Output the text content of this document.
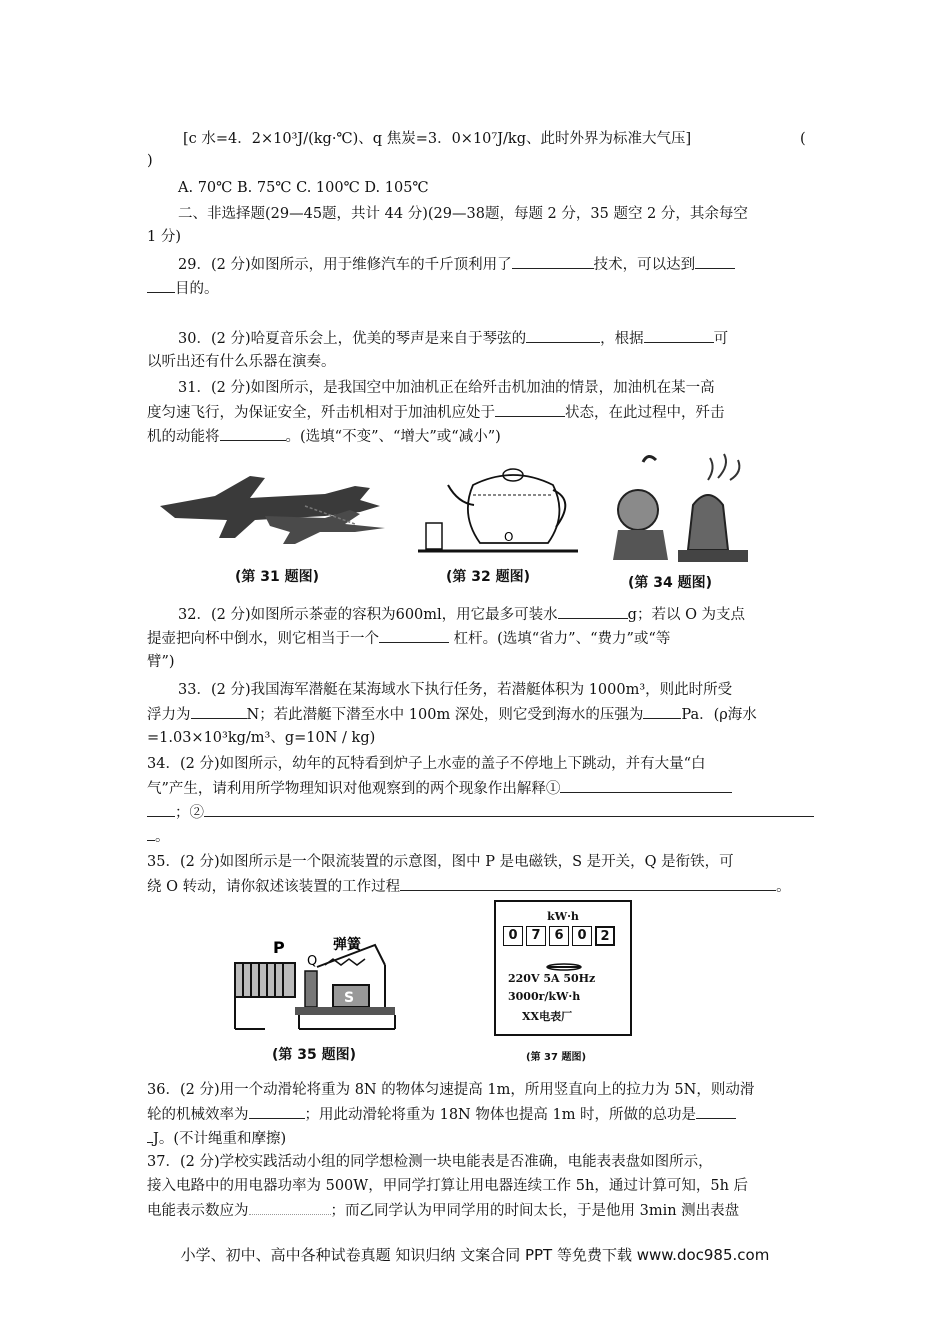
[c 水=4．2×10³J/(kg·℃)、q 焦炭=3．0×10⁷J/kg、此时外界为标准大气压]	(
)
A. 70℃ B. 75℃ C. 100℃ D. 105℃
二、非选择题(29—45题，共计 44 分)(29—38题，每题 2 分，35 题空 2 分，其余每空
1 分)
29．(2 分)如图所示，用于维修汽车的千斤顶利用了	技术，可以达到
目的。
30．(2 分)哈夏音乐会上，优美的琴声是来自于琴弦的	，根据	可
以听出还有什么乐器在演奏。
31．(2 分)如图所示，是我国空中加油机正在给歼击机加油的情景，加油机在某一高
度匀速飞行，为保证安全，歼击机相对于加油机应处于	状态，在此过程中，歼击
机的动能将	。(选填“不变”、“增大”或“减小”)
(第 31 题图)
O
(第 32 题图)	(第 34 题图)
32．(2 分)如图所示茶壶的容积为600ml，用它最多可装水	g；若以 O 为支点
提壶把向杯中倒水，则它相当于一个	杠杆。(选填“省力”、“费力”或“等
臂”)
33．(2 分)我国海军潜艇在某海域水下执行任务，若潜艇体积为 1000m³，则此时所受
浮力为	N；若此潜艇下潜至水中 100m 深处，则它受到海水的压强为	Pa．(ρ海水
=1.03×10³kg/m³、g=10N / kg)
34．(2 分)如图所示，幼年的瓦特看到炉子上水壶的盖子不停地上下跳动，并有大量“白
气”产生，请利用所学物理知识对他观察到的两个现象作出解释①
；②
。
35．(2 分)如图所示是一个限流装置的示意图，图中 P 是电磁铁，S 是开关，Q 是衔铁，可
绕 O 转动，请你叙述该装置的工作过程	。
P	弹簧
Q
S
(第 35 题图)
kW·h
0	7	6	0	2
220V 5A 50Hz
3000r/kW·h
XX电表厂
(第 37 题图)
36．(2 分)用一个动滑轮将重为 8N 的物体匀速提高 1m，所用竖直向上的拉力为 5N，则动滑
轮的机械效率为	；用此动滑轮将重为 18N 物体也提高 1m 时，所做的总功是
J。(不计绳重和摩擦)
37．(2 分)学校实践活动小组的同学想检测一块电能表是否准确，电能表表盘如图所示，
接入电路中的用电器功率为 500W，甲同学打算让用电器连续工作 5h，通过计算可知，5h 后
电能表示数应为	；而乙同学认为甲同学用的时间太长，于是他用 3min 测出表盘
小学、初中、高中各种试卷真题 知识归纳 文案合同 PPT 等免费下载 www.doc985.com
